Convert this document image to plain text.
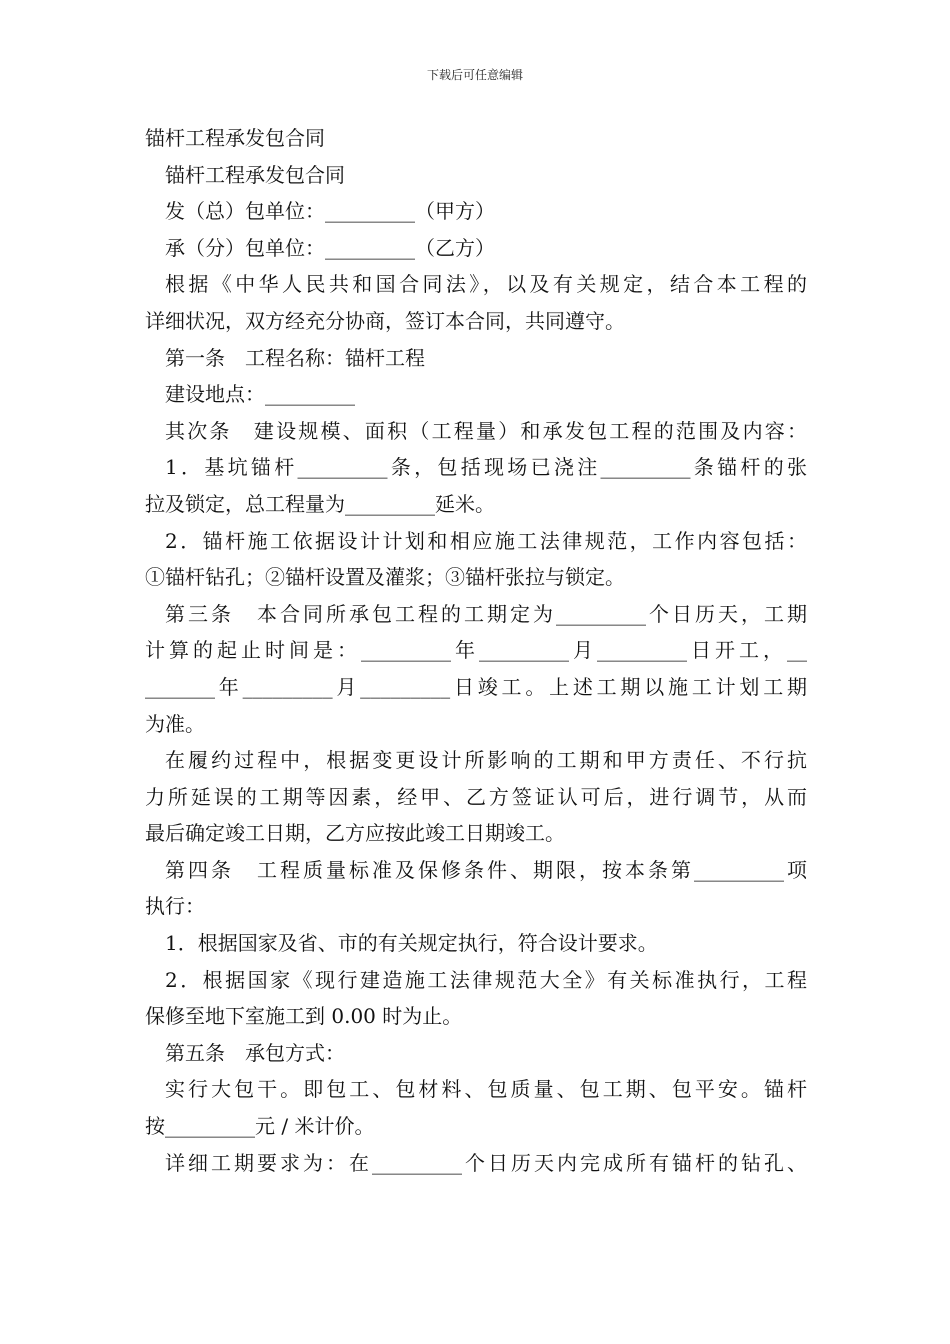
下载后可任意编辑
锚杆工程承发包合同
锚杆工程承发包合同
发（总）包单位：_________（甲方）
承（分）包单位：_________（乙方）
根据《中华人民共和国合同法》，以及有关规定，结合本工程的
详细状况，双方经充分协商，签订本合同，共同遵守。
第一条　工程名称：锚杆工程
建设地点：_________
其次条　建设规模、面积（工程量）和承发包工程的范围及内容：
1．基坑锚杆_________条，包括现场已浇注_________条锚杆的张
拉及锁定，总工程量为_________延米。
2．锚杆施工依据设计计划和相应施工法律规范，工作内容包括：
①锚杆钻孔；②锚杆设置及灌浆；③锚杆张拉与锁定。
第三条　本合同所承包工程的工期定为_________个日历天，工期
计算的起止时间是：_________年_________月_________日开工，__
_______年_________月_________日竣工。上述工期以施工计划工期
为准。
在履约过程中，根据变更设计所影响的工期和甲方责任、不行抗
力所延误的工期等因素，经甲、乙方签证认可后，进行调节，从而
最后确定竣工日期，乙方应按此竣工日期竣工。
第四条　工程质量标准及保修条件、期限，按本条第_________项
执行：
1．根据国家及省、市的有关规定执行，符合设计要求。
2．根据国家《现行建造施工法律规范大全》有关标准执行，工程
保修至地下室施工到 0.00 时为止。
第五条　承包方式：
实行大包干。即包工、包材料、包质量、包工期、包平安。锚杆
按_________元 / 米计价。
详细工期要求为：在_________个日历天内完成所有锚杆的钻孔、
